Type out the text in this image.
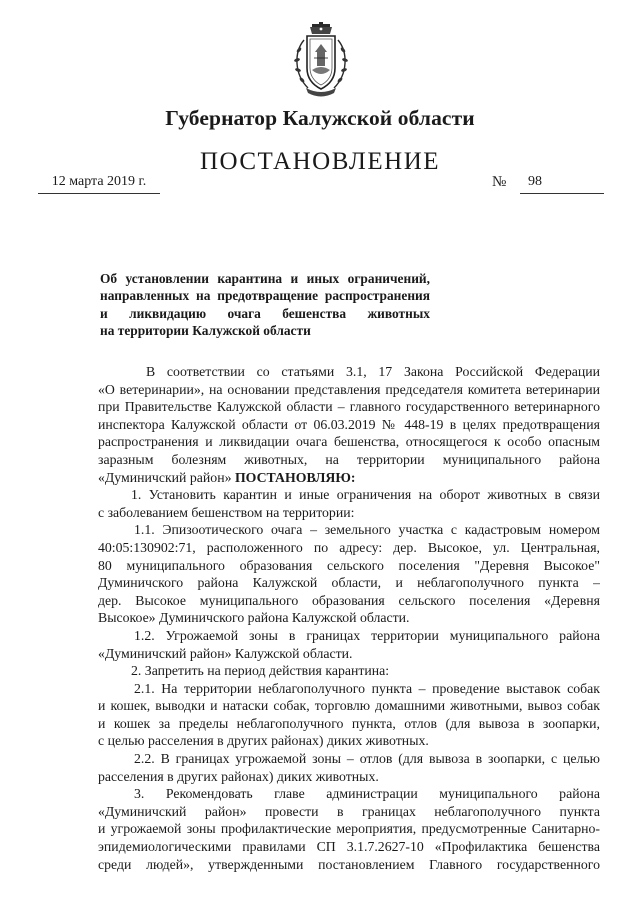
Губернатор Калужской области
ПОСТАНОВЛЕНИЕ
12 марта 2019 г.	№	98
Об установлении карантина и иных ограничений,
направленных на предотвращение распространения
и ликвидацию очага бешенства животных
на территории Калужской области
В соответствии со статьями 3.1, 17 Закона Российской Федерации
«О ветеринарии», на основании представления председателя комитета ветеринарии
при Правительстве Калужской области – главного государственного ветеринарного
инспектора Калужской области от 06.03.2019 № 448-19 в целях предотвращения
распространения и ликвидации очага бешенства, относящегося к особо опасным
заразным болезням животных, на территории муниципального района
«Думиничский район» ПОСТАНОВЛЯЮ:
1. Установить карантин и иные ограничения на оборот животных в связи
с заболеванием бешенством на территории:
1.1. Эпизоотического очага – земельного участка с кадастровым номером
40:05:130902:71, расположенного по адресу: дер. Высокое, ул. Центральная,
80 муниципального образования сельского поселения "Деревня Высокое"
Думиничского района Калужской области, и неблагополучного пункта –
дер. Высокое муниципального образования сельского поселения «Деревня
Высокое» Думиничского района Калужской области.
1.2. Угрожаемой зоны в границах территории муниципального района
«Думиничский район» Калужской области.
2. Запретить на период действия карантина:
2.1. На территории неблагополучного пункта – проведение выставок собак
и кошек, выводки и натаски собак, торговлю домашними животными, вывоз собак
и кошек за пределы неблагополучного пункта, отлов (для вывоза в зоопарки,
с целью расселения в других районах) диких животных.
2.2. В границах угрожаемой зоны – отлов (для вывоза в зоопарки, с целью
расселения в других районах) диких животных.
3. Рекомендовать главе администрации муниципального района
«Думиничский район» провести в границах неблагополучного пункта
и угрожаемой зоны профилактические мероприятия, предусмотренные Санитарно-
эпидемиологическими правилами СП 3.1.7.2627-10 «Профилактика бешенства
среди людей», утвержденными постановлением Главного государственного
